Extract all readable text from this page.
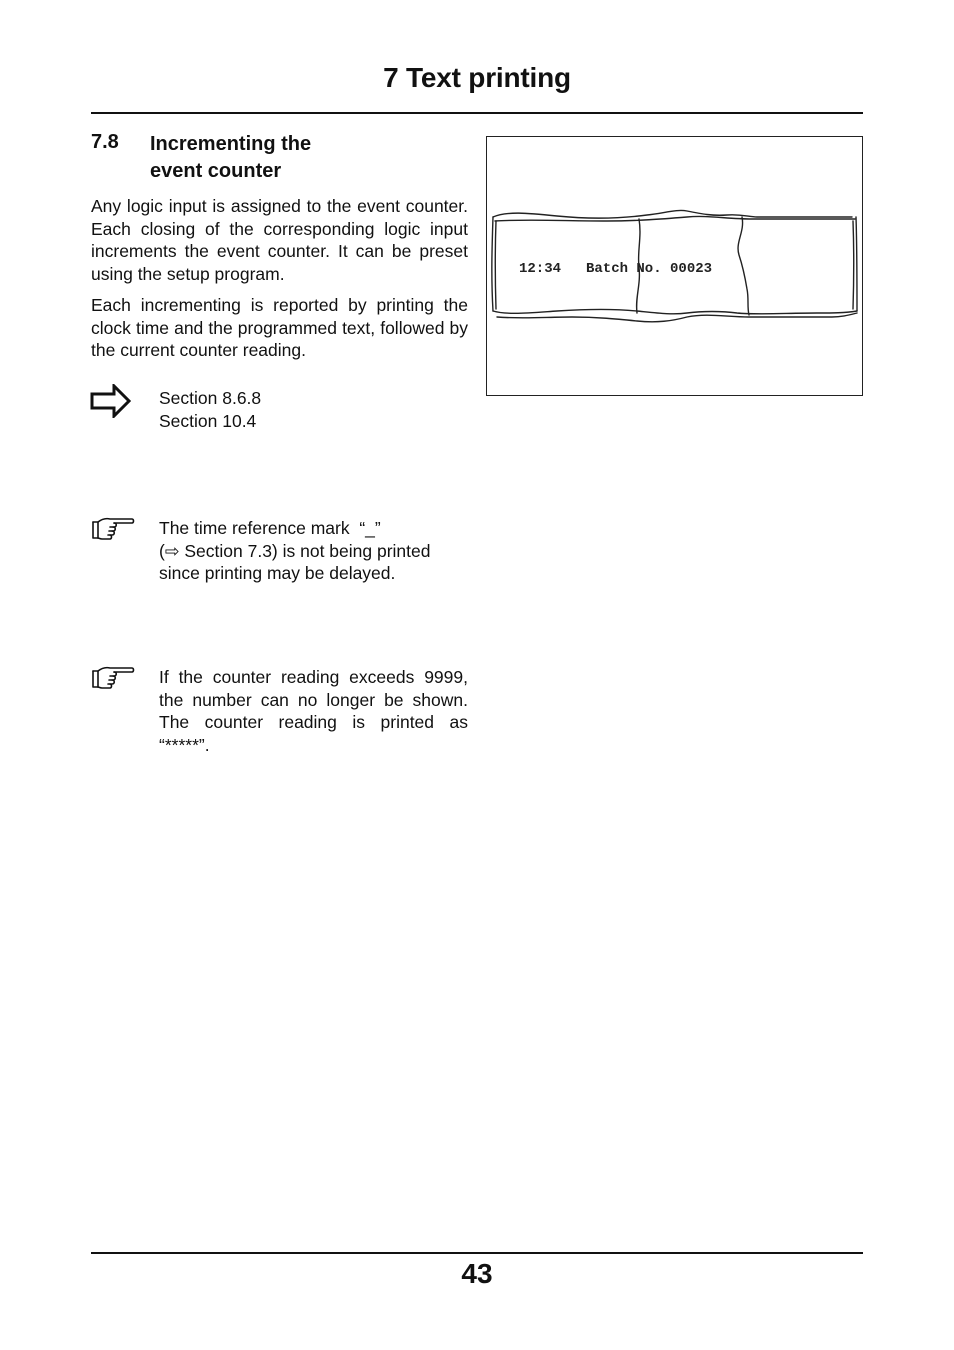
7 Text printing
7.8 Incrementing the
event counter
Any logic input is assigned to the event counter. Each closing of the corresponding logic input increments the event counter. It can be preset using the setup program.
Each incrementing is reported by printing the clock time and the programmed text, followed by the current counter reading.
Section 8.6.8
Section 10.4
The time reference mark  “_”
(⇨ Section 7.3) is not being printed
since printing may be delayed.
If the counter reading exceeds 9999, the number can no longer be shown. The counter reading is printed as “*****”.
12:34 Batch No. 00023
43
